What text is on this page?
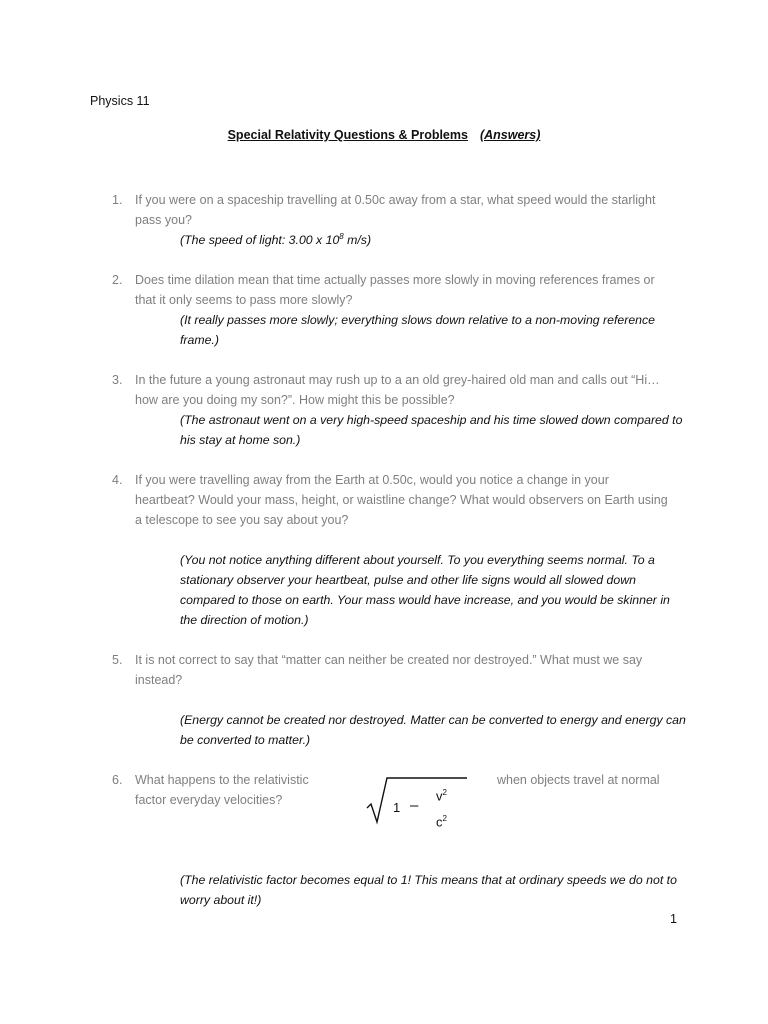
Physics 11
Special Relativity Questions & Problems (Answers)
1.	If you were on a spaceship travelling at 0.50c away from a star, what speed would the starlight pass you?
(The speed of light: 3.00 x $10^8$ m/s)
2.	Does time dilation mean that time actually passes more slowly in moving references frames or that it only seems to pass more slowly?
(It really passes more slowly; everything slows down relative to a non-moving reference frame.)
3.	In the future a young astronaut may rush up to a an old grey-haired old man and calls out “Hi… how are you doing my son?”. How might this be possible?
(The astronaut went on a very high-speed spaceship and his time slowed down compared to his stay at home son.)
4.	If you were travelling away from the Earth at 0.50c, would you notice a change in your heartbeat? Would your mass, height, or waistline change? What would observers on Earth using a telescope to see you say about you?
(You not notice anything different about yourself. To you everything seems normal. To a stationary observer your heartbeat, pulse and other life signs would all slowed down compared to those on earth. Your mass would have increase, and you would be skinner in the direction of motion.)
5.	It is not correct to say that “matter can neither be created nor destroyed.” What must we say instead?
(Energy cannot be created nor destroyed. Matter can be converted to energy and energy can be converted to matter.)
6.	What happens to the relativistic factor everyday velocities?
when objects travel at normal
1 –
$v^2$
$c^2$
(The relativistic factor becomes equal to 1! This means that at ordinary speeds we do not to worry about it!)
1
